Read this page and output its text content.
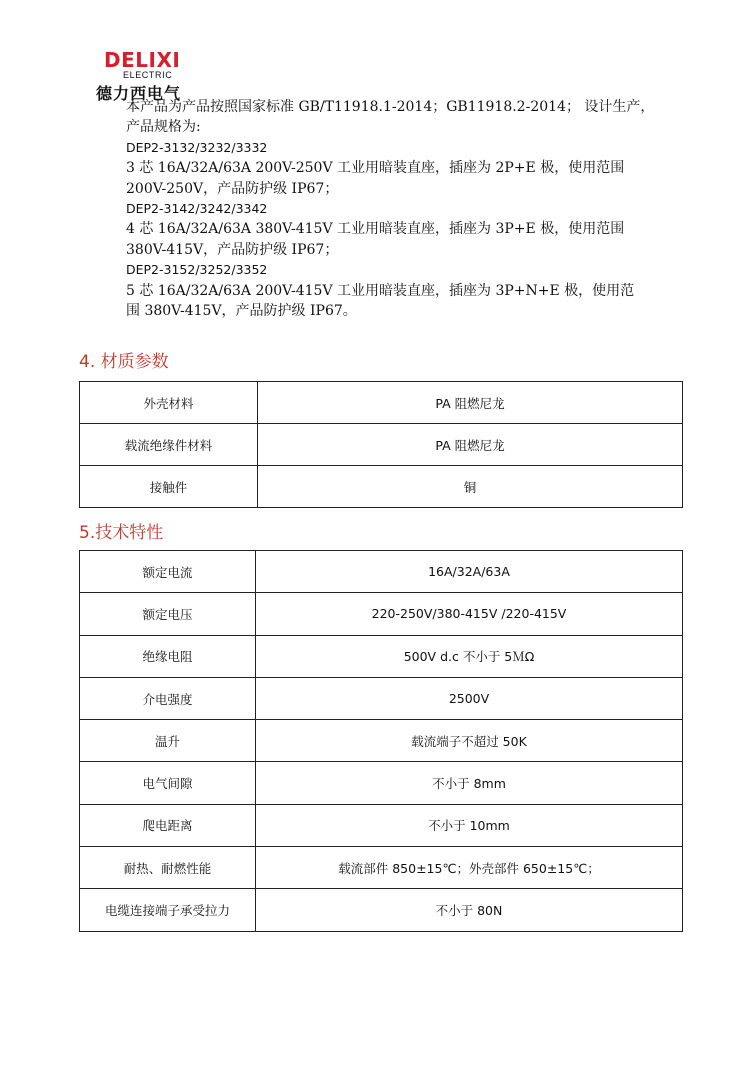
DELIXI
ELECTRIC
德力西电气
本产品为产品按照国家标准 GB/T11918.1-2014；GB11918.2-2014； 设计生产，
产品规格为:
DEP2-3132/3232/3332
3 芯 16A/32A/63A 200V-250V 工业用暗装直座，插座为 2P+E 极，使用范围
200V-250V，产品防护级 IP67；
DEP2-3142/3242/3342
4 芯 16A/32A/63A 380V-415V 工业用暗装直座，插座为 3P+E 极，使用范围
380V-415V，产品防护级 IP67；
DEP2-3152/3252/3352
5 芯 16A/32A/63A 200V-415V 工业用暗装直座，插座为 3P+N+E 极，使用范
围 380V-415V，产品防护级 IP67。
4. 材质参数
外壳材料	PA 阻燃尼龙
载流绝缘件材料	PA 阻燃尼龙
接触件	铜
5.技术特性
额定电流	16A/32A/63A
额定电压	220-250V/380-415V /220-415V
绝缘电阻	500V d.c 不小于 5ＭΩ
介电强度	2500V
温升	载流端子不超过 50K
电气间隙	不小于 8mm
爬电距离	不小于 10mm
耐热、耐燃性能	载流部件 850±15℃；外壳部件 650±15℃；
电缆连接端子承受拉力	不小于 80N
